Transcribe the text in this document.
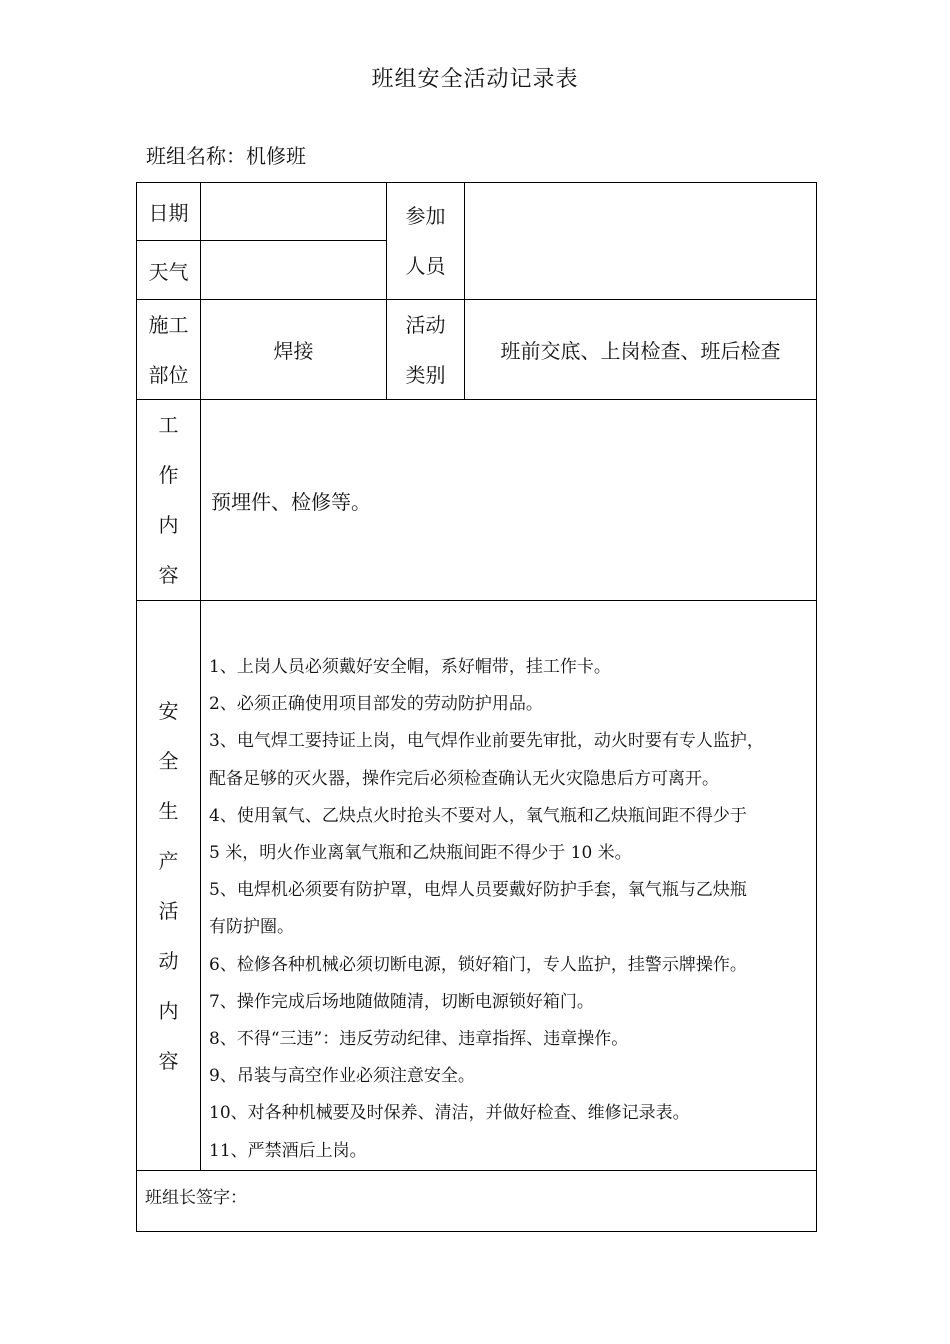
班组安全活动记录表
班组名称：机修班
日期
天气
参加
人员
施工
部位
焊接
活动
类别
班前交底、上岗检查、班后检查
工
作
内
容
预埋件、检修等。
安
全
生
产
活
动
内
容
1、上岗人员必须戴好安全帽，系好帽带，挂工作卡。
2、必须正确使用项目部发的劳动防护用品。
3、电气焊工要持证上岗，电气焊作业前要先审批，动火时要有专人监护，
配备足够的灭火器，操作完后必须检查确认无火灾隐患后方可离开。
4、使用氧气、乙炔点火时抢头不要对人，氧气瓶和乙炔瓶间距不得少于
5 米，明火作业离氧气瓶和乙炔瓶间距不得少于 10 米。
5、电焊机必须要有防护罩，电焊人员要戴好防护手套，氧气瓶与乙炔瓶
有防护圈。
6、检修各种机械必须切断电源，锁好箱门，专人监护，挂警示牌操作。
7、操作完成后场地随做随清，切断电源锁好箱门。
8、不得“三违”：违反劳动纪律、违章指挥、违章操作。
9、吊装与高空作业必须注意安全。
10、对各种机械要及时保养、清洁，并做好检查、维修记录表。
11、严禁酒后上岗。
班组长签字：
